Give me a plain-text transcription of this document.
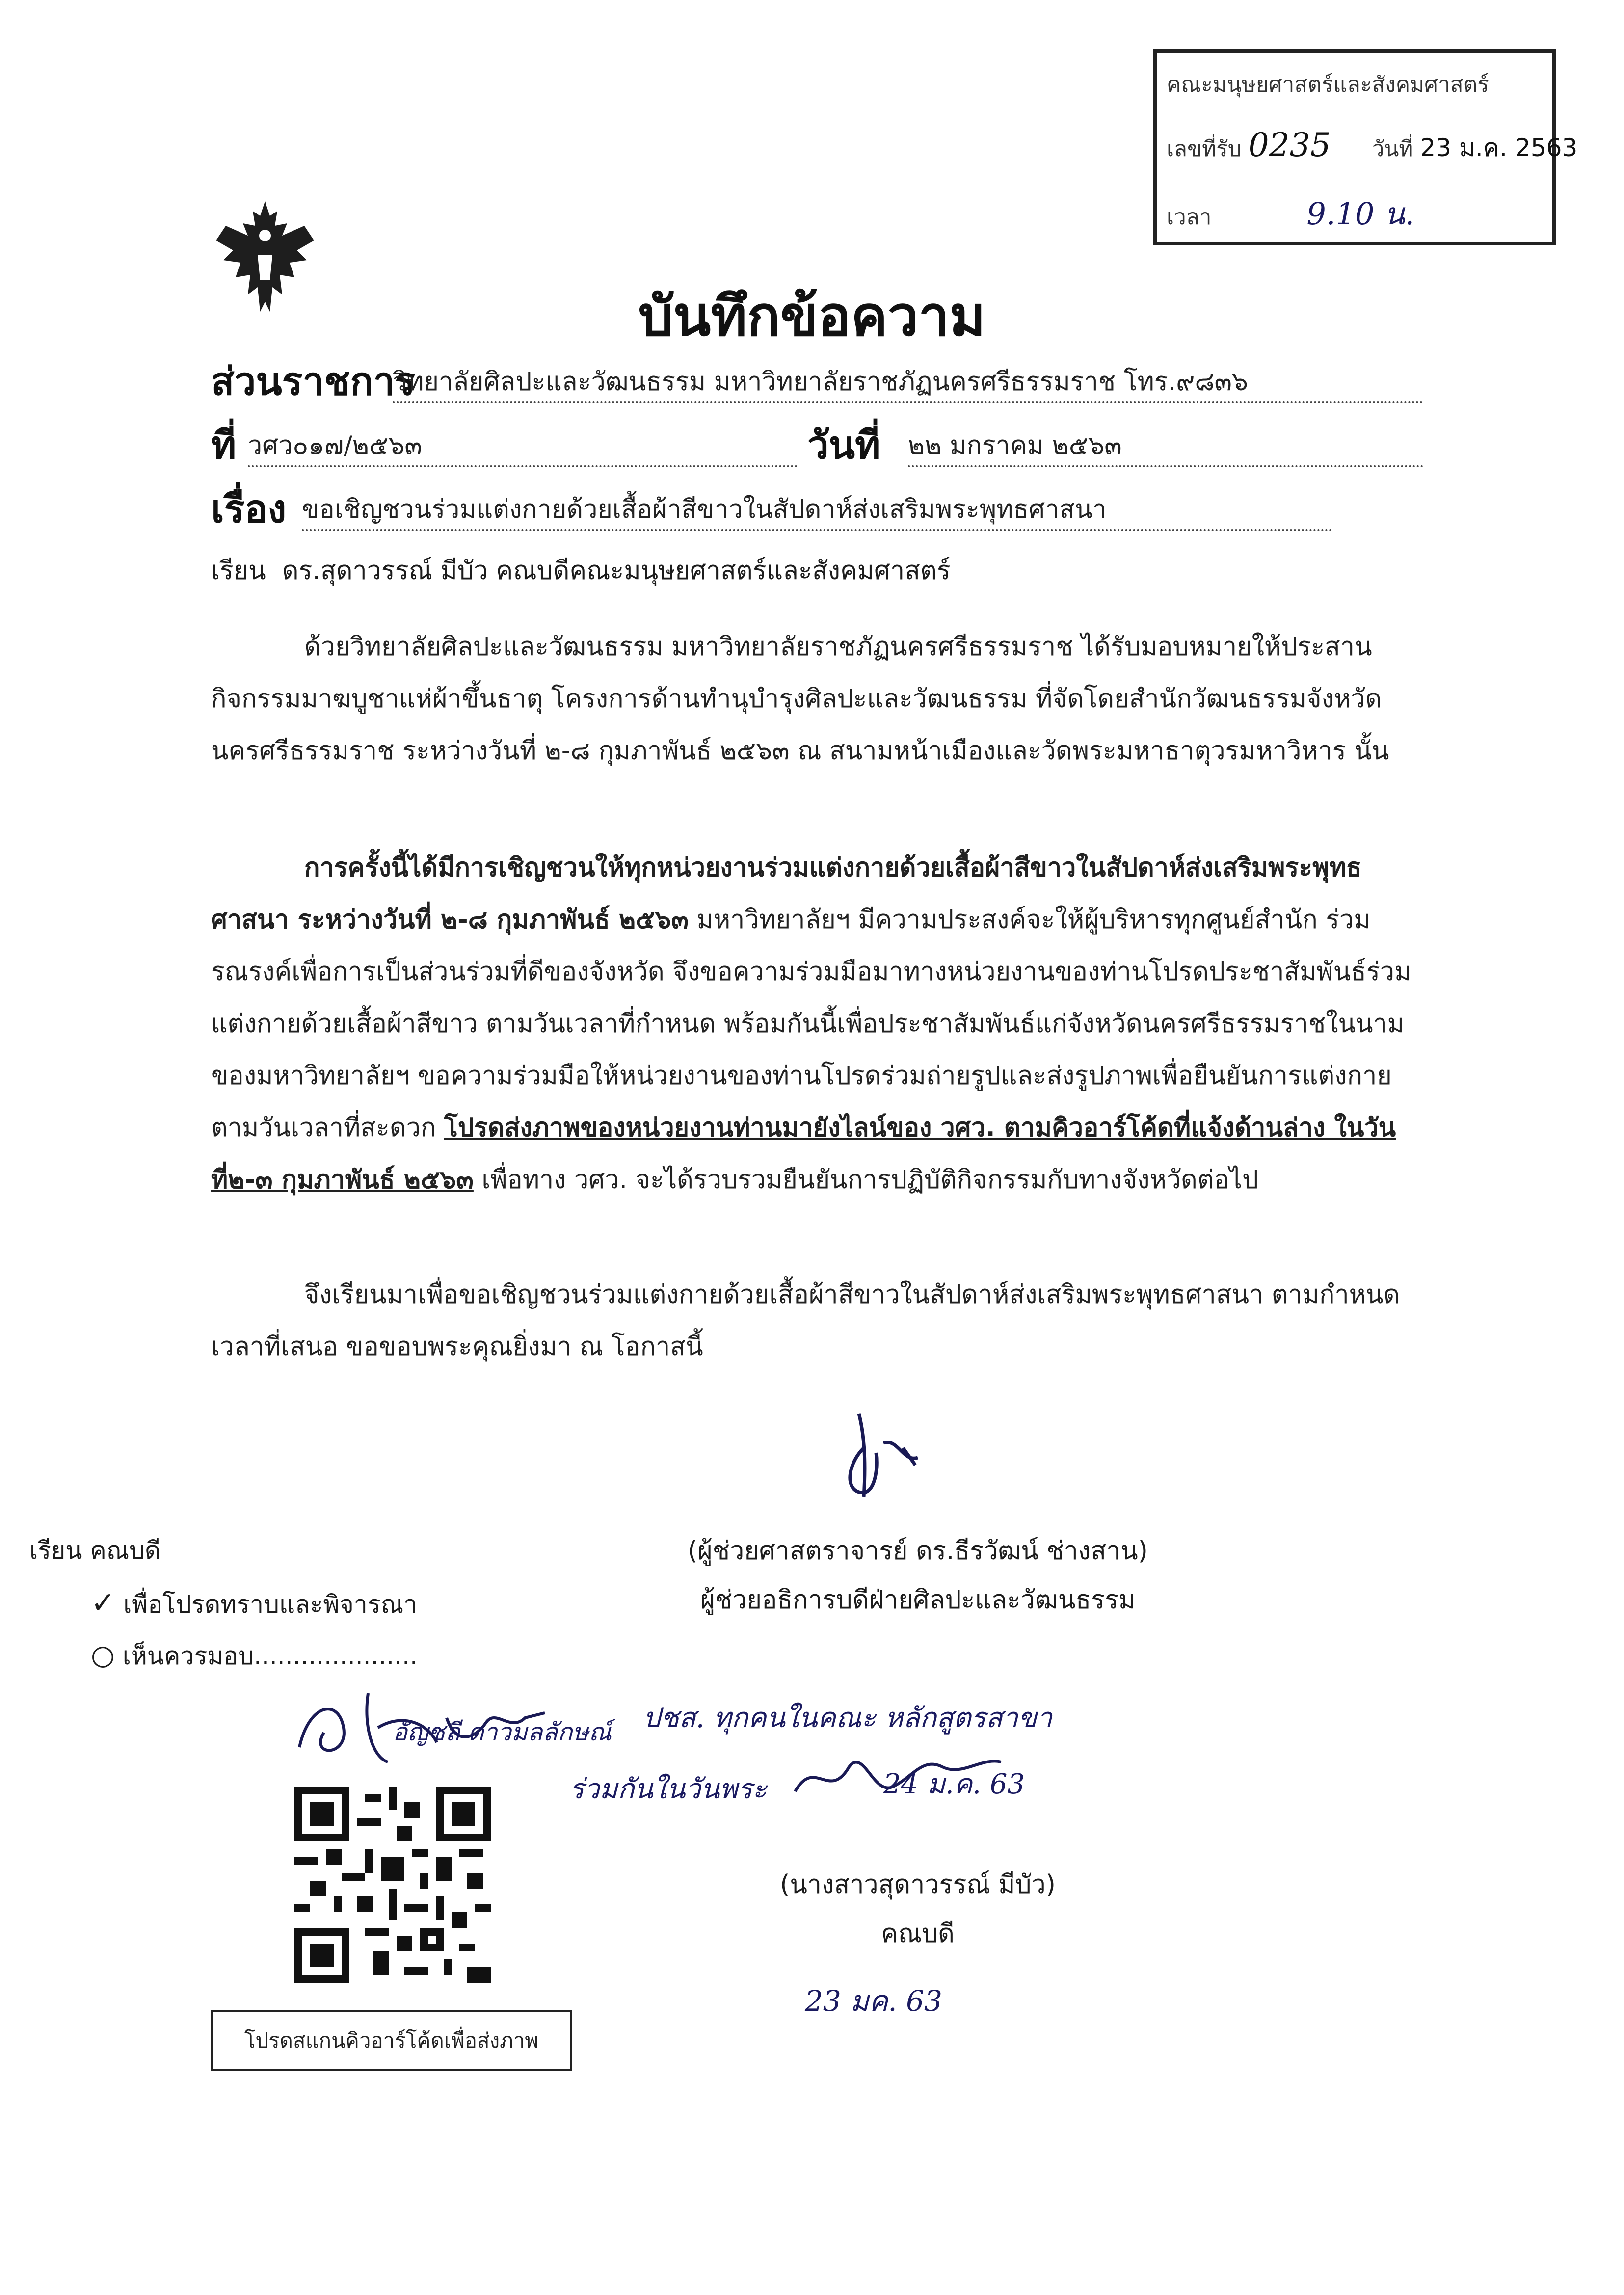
คณะมนุษยศาสตร์และสังคมศาสตร์
เลขที่รับ 0235 วันที่ 23 ม.ค. 2563
เวลา	9.10 น.
บันทึกข้อความ
ส่วนราชการ
วิทยาลัยศิลปะและวัฒนธรรม มหาวิทยาลัยราชภัฏนครศรีธรรมราช โทร.๙๘๓๖
ที่ วศว๐๑๗/๒๕๖๓	วันที่ ๒๒ มกราคม ๒๕๖๓
เรื่อง ขอเชิญชวนร่วมแต่งกายด้วยเสื้อผ้าสีขาวในสัปดาห์ส่งเสริมพระพุทธศาสนา
เรียน ดร.สุดาวรรณ์ มีบัว คณบดีคณะมนุษยศาสตร์และสังคมศาสตร์

ด้วยวิทยาลัยศิลปะและวัฒนธรรม มหาวิทยาลัยราชภัฏนครศรีธรรมราช ได้รับมอบหมายให้ประสานกิจกรรมมาฆบูชาแห่ผ้าขึ้นธาตุ โครงการด้านทำนุบำรุงศิลปะและวัฒนธรรม ที่จัดโดยสำนักวัฒนธรรมจังหวัดนครศรีธรรมราช ระหว่างวันที่ ๒-๘ กุมภาพันธ์ ๒๕๖๓ ณ สนามหน้าเมืองและวัดพระมหาธาตุวรมหาวิหาร นั้น

การครั้งนี้ได้มีการเชิญชวนให้ทุกหน่วยงานร่วมแต่งกายด้วยเสื้อผ้าสีขาวในสัปดาห์ส่งเสริมพระพุทธศาสนา ระหว่างวันที่ ๒-๘ กุมภาพันธ์ ๒๕๖๓ มหาวิทยาลัยฯ มีความประสงค์จะให้ผู้บริหารทุกศูนย์สำนัก ร่วมรณรงค์เพื่อการเป็นส่วนร่วมที่ดีของจังหวัด จึงขอความร่วมมือมาทางหน่วยงานของท่านโปรดประชาสัมพันธ์ร่วมแต่งกายด้วยเสื้อผ้าสีขาว ตามวันเวลาที่กำหนด พร้อมกันนี้เพื่อประชาสัมพันธ์แก่จังหวัดนครศรีธรรมราชในนามของมหาวิทยาลัยฯ ขอความร่วมมือให้หน่วยงานของท่านโปรดร่วมถ่ายรูปและส่งรูปภาพเพื่อยืนยันการแต่งกาย ตามวันเวลาที่สะดวก โปรดส่งภาพของหน่วยงานท่านมายังไลน์ของ วศว. ตามคิวอาร์โค้ดที่แจ้งด้านล่าง ในวันที่๒-๓ กุมภาพันธ์ ๒๕๖๓ เพื่อทาง วศว. จะได้รวบรวมยืนยันการปฏิบัติกิจกรรมกับทางจังหวัดต่อไป

จึงเรียนมาเพื่อขอเชิญชวนร่วมแต่งกายด้วยเสื้อผ้าสีขาวในสัปดาห์ส่งเสริมพระพุทธศาสนา ตามกำหนดเวลาที่เสนอ ขอขอบพระคุณยิ่งมา ณ โอกาสนี้

(ผู้ช่วยศาสตราจารย์ ดร.ธีรวัฒน์ ช่างสาน)
ผู้ช่วยอธิการบดีฝ่ายศิลปะและวัฒนธรรม
เรียน คณบดี
✓ เพื่อโปรดทราบและพิจารณา
○ เห็นควรมอบ.....................
อัญชลี ดาวมลลักษณ์ ปชส. ทุกคนในคณะ หลักสูตรสาขา
ร่วมกันในวันพระ	24 ม.ค. 63
(นางสาวสุดาวรรณ์ มีบัว)
คณบดี
23 มค. 63
โปรดสแกนคิวอาร์โค้ดเพื่อส่งภาพ
